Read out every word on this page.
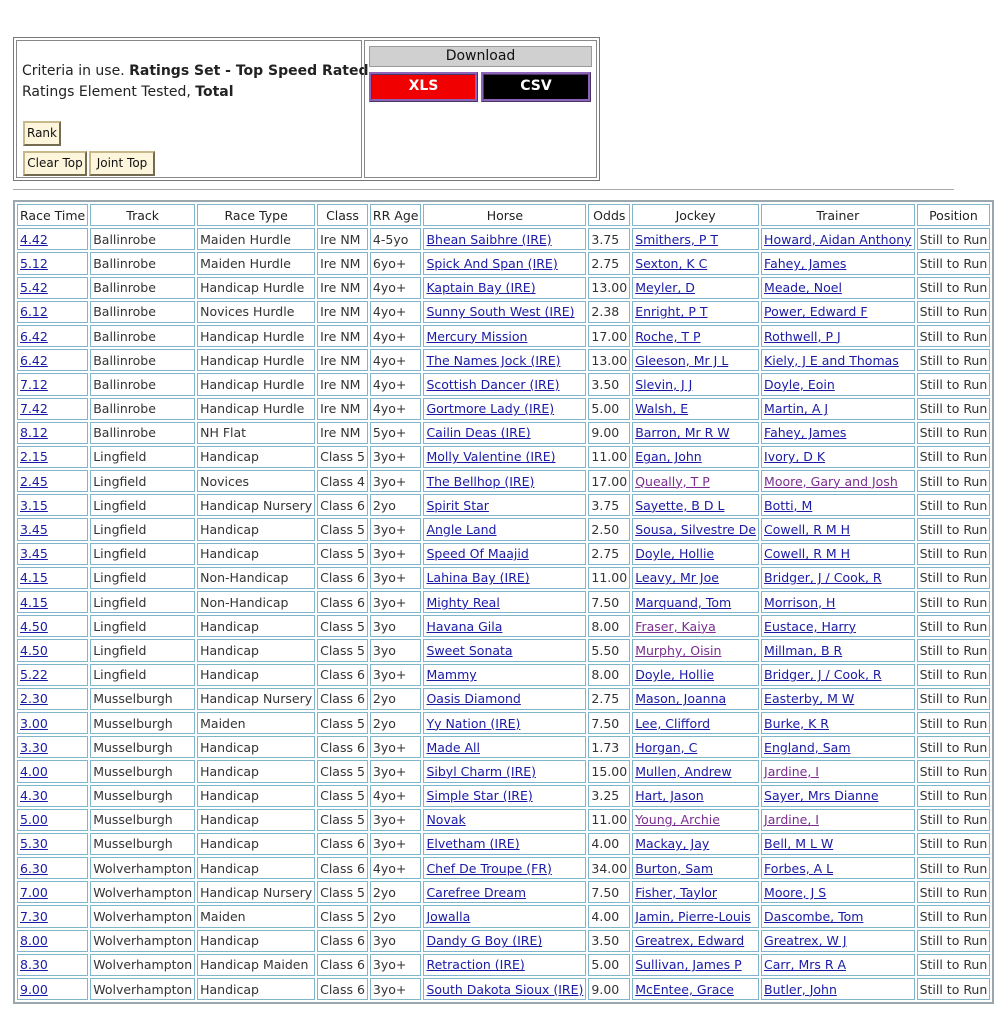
Criteria in use. Ratings Set - Top Speed Rated
Ratings Element Tested, Total
Rank
Clear Top	Joint Top
Download
XLS	CSV
Race Time	Track	Race Type	Class	RR Age	Horse	Odds	Jockey	Trainer	Position
4.42	Ballinrobe	Maiden Hurdle	Ire NM	4-5yo	Bhean Saibhre (IRE)	3.75	Smithers, P T	Howard, Aidan Anthony	Still to Run
5.12	Ballinrobe	Maiden Hurdle	Ire NM	6yo+	Spick And Span (IRE)	2.75	Sexton, K C	Fahey, James	Still to Run
5.42	Ballinrobe	Handicap Hurdle	Ire NM	4yo+	Kaptain Bay (IRE)	13.00	Meyler, D	Meade, Noel	Still to Run
6.12	Ballinrobe	Novices Hurdle	Ire NM	4yo+	Sunny South West (IRE)	2.38	Enright, P T	Power, Edward F	Still to Run
6.42	Ballinrobe	Handicap Hurdle	Ire NM	4yo+	Mercury Mission	17.00	Roche, T P	Rothwell, P J	Still to Run
6.42	Ballinrobe	Handicap Hurdle	Ire NM	4yo+	The Names Jock (IRE)	13.00	Gleeson, Mr J L	Kiely, J E and Thomas	Still to Run
7.12	Ballinrobe	Handicap Hurdle	Ire NM	4yo+	Scottish Dancer (IRE)	3.50	Slevin, J J	Doyle, Eoin	Still to Run
7.42	Ballinrobe	Handicap Hurdle	Ire NM	4yo+	Gortmore Lady (IRE)	5.00	Walsh, E	Martin, A J	Still to Run
8.12	Ballinrobe	NH Flat	Ire NM	5yo+	Cailin Deas (IRE)	9.00	Barron, Mr R W	Fahey, James	Still to Run
2.15	Lingfield	Handicap	Class 5	3yo+	Molly Valentine (IRE)	11.00	Egan, John	Ivory, D K	Still to Run
2.45	Lingfield	Novices	Class 4	3yo+	The Bellhop (IRE)	17.00	Queally, T P	Moore, Gary and Josh	Still to Run
3.15	Lingfield	Handicap Nursery	Class 6	2yo	Spirit Star	3.75	Sayette, B D L	Botti, M	Still to Run
3.45	Lingfield	Handicap	Class 5	3yo+	Angle Land	2.50	Sousa, Silvestre De	Cowell, R M H	Still to Run
3.45	Lingfield	Handicap	Class 5	3yo+	Speed Of Maajid	2.75	Doyle, Hollie	Cowell, R M H	Still to Run
4.15	Lingfield	Non-Handicap	Class 6	3yo+	Lahina Bay (IRE)	11.00	Leavy, Mr Joe	Bridger, J / Cook, R	Still to Run
4.15	Lingfield	Non-Handicap	Class 6	3yo+	Mighty Real	7.50	Marquand, Tom	Morrison, H	Still to Run
4.50	Lingfield	Handicap	Class 5	3yo	Havana Gila	8.00	Fraser, Kaiya	Eustace, Harry	Still to Run
4.50	Lingfield	Handicap	Class 5	3yo	Sweet Sonata	5.50	Murphy, Oisin	Millman, B R	Still to Run
5.22	Lingfield	Handicap	Class 6	3yo+	Mammy	8.00	Doyle, Hollie	Bridger, J / Cook, R	Still to Run
2.30	Musselburgh	Handicap Nursery	Class 6	2yo	Oasis Diamond	2.75	Mason, Joanna	Easterby, M W	Still to Run
3.00	Musselburgh	Maiden	Class 5	2yo	Yy Nation (IRE)	7.50	Lee, Clifford	Burke, K R	Still to Run
3.30	Musselburgh	Handicap	Class 6	3yo+	Made All	1.73	Horgan, C	England, Sam	Still to Run
4.00	Musselburgh	Handicap	Class 5	3yo+	Sibyl Charm (IRE)	15.00	Mullen, Andrew	Jardine, I	Still to Run
4.30	Musselburgh	Handicap	Class 5	4yo+	Simple Star (IRE)	3.25	Hart, Jason	Sayer, Mrs Dianne	Still to Run
5.00	Musselburgh	Handicap	Class 5	3yo+	Novak	11.00	Young, Archie	Jardine, I	Still to Run
5.30	Musselburgh	Handicap	Class 6	3yo+	Elvetham (IRE)	4.00	Mackay, Jay	Bell, M L W	Still to Run
6.30	Wolverhampton	Handicap	Class 6	4yo+	Chef De Troupe (FR)	34.00	Burton, Sam	Forbes, A L	Still to Run
7.00	Wolverhampton	Handicap Nursery	Class 5	2yo	Carefree Dream	7.50	Fisher, Taylor	Moore, J S	Still to Run
7.30	Wolverhampton	Maiden	Class 5	2yo	Jowalla	4.00	Jamin, Pierre-Louis	Dascombe, Tom	Still to Run
8.00	Wolverhampton	Handicap	Class 6	3yo	Dandy G Boy (IRE)	3.50	Greatrex, Edward	Greatrex, W J	Still to Run
8.30	Wolverhampton	Handicap Maiden	Class 6	3yo+	Retraction (IRE)	5.00	Sullivan, James P	Carr, Mrs R A	Still to Run
9.00	Wolverhampton	Handicap	Class 6	3yo+	South Dakota Sioux (IRE)	9.00	McEntee, Grace	Butler, John	Still to Run
